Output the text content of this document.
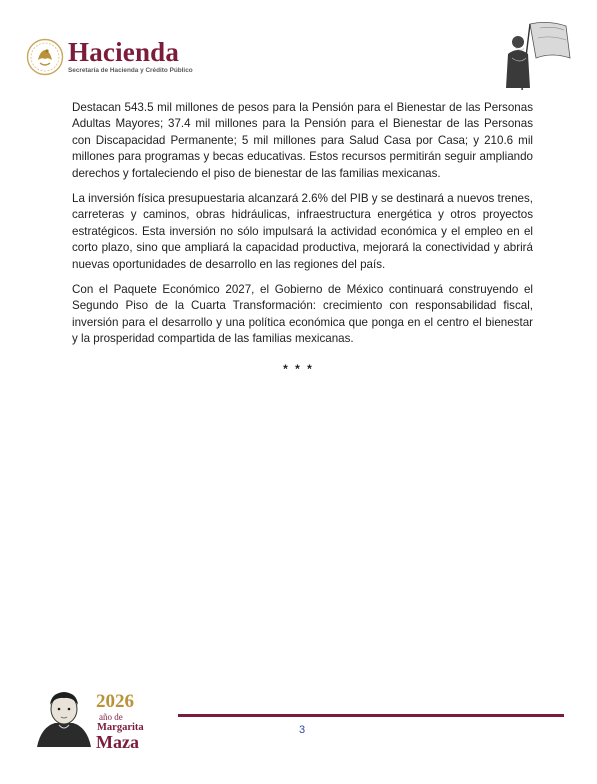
Hacienda
Secretaría de Hacienda y Crédito Público

Destacan 543.5 mil millones de pesos para la Pensión para el Bienestar de las Personas Adultas Mayores; 37.4 mil millones para la Pensión para el Bienestar de las Personas con Discapacidad Permanente; 5 mil millones para Salud Casa por Casa; y 210.6 mil millones para programas y becas educativas. Estos recursos permitirán seguir ampliando derechos y fortaleciendo el piso de bienestar de las familias mexicanas.

La inversión física presupuestaria alcanzará 2.6% del PIB y se destinará a nuevos trenes, carreteras y caminos, obras hidráulicas, infraestructura energética y otros proyectos estratégicos. Esta inversión no sólo impulsará la actividad económica y el empleo en el corto plazo, sino que ampliará la capacidad productiva, mejorará la conectividad y abrirá nuevas oportunidades de desarrollo en las regiones del país.

Con el Paquete Económico 2027, el Gobierno de México continuará construyendo el Segundo Piso de la Cuarta Transformación: crecimiento con responsabilidad fiscal, inversión para el desarrollo y una política económica que ponga en el centro el bienestar y la prosperidad compartida de las familias mexicanas.

* * *
2026
año de
Margarita
Maza
3
